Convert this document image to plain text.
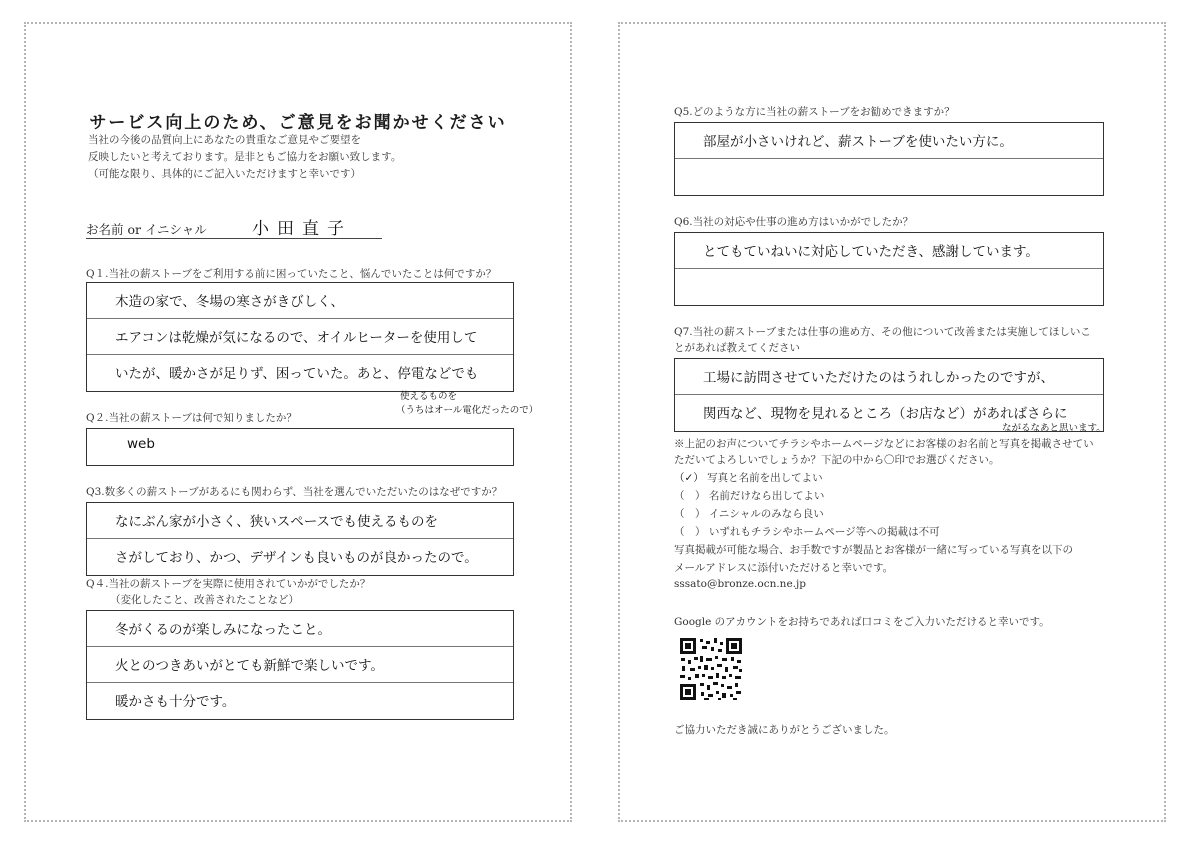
サービス向上のため、ご意見をお聞かせください
当社の今後の品質向上にあなたの貴重なご意見やご要望を
反映したいと考えております。是非ともご協力をお願い致します。
（可能な限り、具体的にご記入いただけますと幸いです）
お名前 or イニシャル	小田直子
Q１.当社の薪ストーブをご利用する前に困っていたこと、悩んでいたことは何ですか？
木造の家で、冬場の寒さがきびしく、
エアコンは乾燥が気になるので、オイルヒーターを使用して
いたが、暖かさが足りず、困っていた。あと、停電などでも
使えるものを
（うちはオール電化だったので）
Q２.当社の薪ストーブは何で知りましたか？
web
Q3.数多くの薪ストーブがあるにも関わらず、当社を選んでいただいたのはなぜですか？
なにぶん家が小さく、狭いスペースでも使えるものを
さがしており、かつ、デザインも良いものが良かったので。
Q４.当社の薪ストーブを実際に使用されていかがでしたか？
（変化したこと、改善されたことなど）
冬がくるのが楽しみになったこと。
火とのつきあいがとても新鮮で楽しいです。
暖かさも十分です。
Q5.どのような方に当社の薪ストーブをお勧めできますか？
部屋が小さいけれど、薪ストーブを使いたい方に。
Q6.当社の対応や仕事の進め方はいかがでしたか？
とてもていねいに対応していただき、感謝しています。
Q7.当社の薪ストーブまたは仕事の進め方、その他について改善または実施してほしいこ
とがあれば教えてください
工場に訪問させていただけたのはうれしかったのですが、
関西など、現物を見れるところ（お店など）があればさらに
ながるなあと思います。
※上記のお声についてチラシやホームページなどにお客様のお名前と写真を掲載させてい
ただいてよろしいでしょうか？下記の中から〇印でお選びください。
（✓） 写真と名前を出してよい
（　） 名前だけなら出してよい
（　） イニシャルのみなら良い
（　） いずれもチラシやホームページ等への掲載は不可
写真掲載が可能な場合、お手数ですが製品とお客様が一緒に写っている写真を以下の
メールアドレスに添付いただけると幸いです。
sssato@bronze.ocn.ne.jp
Google のアカウントをお持ちであれば口コミをご入力いただけると幸いです。
ご協力いただき誠にありがとうございました。
